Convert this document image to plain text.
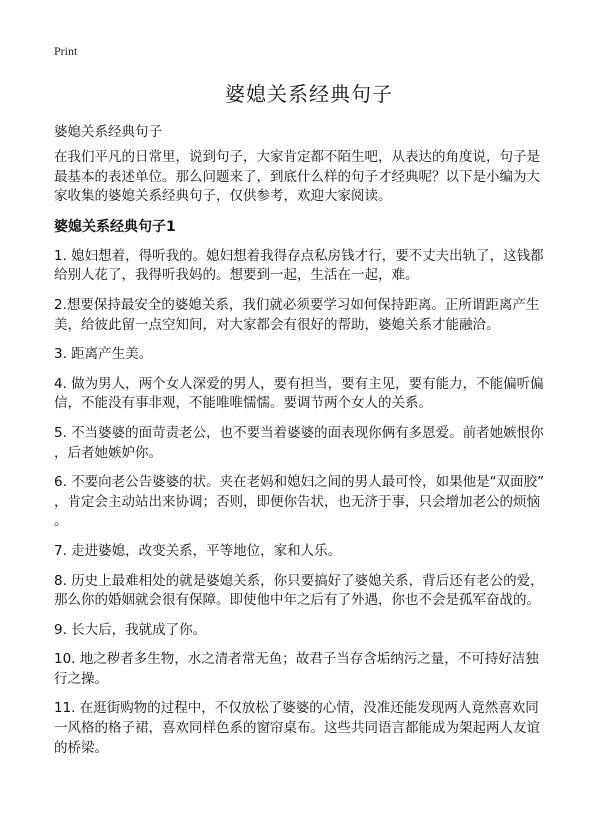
Print
婆媳关系经典句子
婆媳关系经典句子

在我们平凡的日常里，说到句子，大家肯定都不陌生吧，从表达的角度说，句子是
最基本的表述单位。那么问题来了，到底什么样的句子才经典呢？以下是小编为大
家收集的婆媳关系经典句子，仅供参考，欢迎大家阅读。

婆媳关系经典句子1

1. 媳妇想着，得听我的。媳妇想着我得存点私房钱才行，要不丈夫出轨了，这钱都
给别人花了，我得听我妈的。想要到一起，生活在一起，难。

2.想要保持最安全的婆媳关系，我们就必须要学习如何保持距离。正所谓距离产生
美，给彼此留一点空知间，对大家都会有很好的帮助，婆媳关系才能融洽。

3. 距离产生美。

4. 做为男人，两个女人深爱的男人，要有担当，要有主见，要有能力，不能偏听偏
信，不能没有事非观，不能唯唯懦懦。要调节两个女人的关系。

5. 不当婆婆的面苛责老公，也不要当着婆婆的面表现你俩有多恩爱。前者她嫉恨你
，后者她嫉妒你。

6. 不要向老公告婆婆的状。夹在老妈和媳妇之间的男人最可怜，如果他是“双面胶”
，肯定会主动站出来协调；否则，即便你告状，也无济于事，只会增加老公的烦恼
。

7. 走进婆媳，改变关系，平等地位，家和人乐。

8. 历史上最难相处的就是婆媳关系，你只要搞好了婆媳关系，背后还有老公的爱，
那么你的婚姻就会很有保障。即使他中年之后有了外遇，你也不会是孤军奋战的。

9. 长大后，我就成了你。

10. 地之秽者多生物，水之清者常无鱼；故君子当存含垢纳污之量，不可持好洁独
行之操。

11. 在逛街购物的过程中，不仅放松了婆婆的心情，没准还能发现两人竟然喜欢同
一风格的格子裙，喜欢同样色系的窗帘桌布。这些共同语言都能成为架起两人友谊
的桥梁。
